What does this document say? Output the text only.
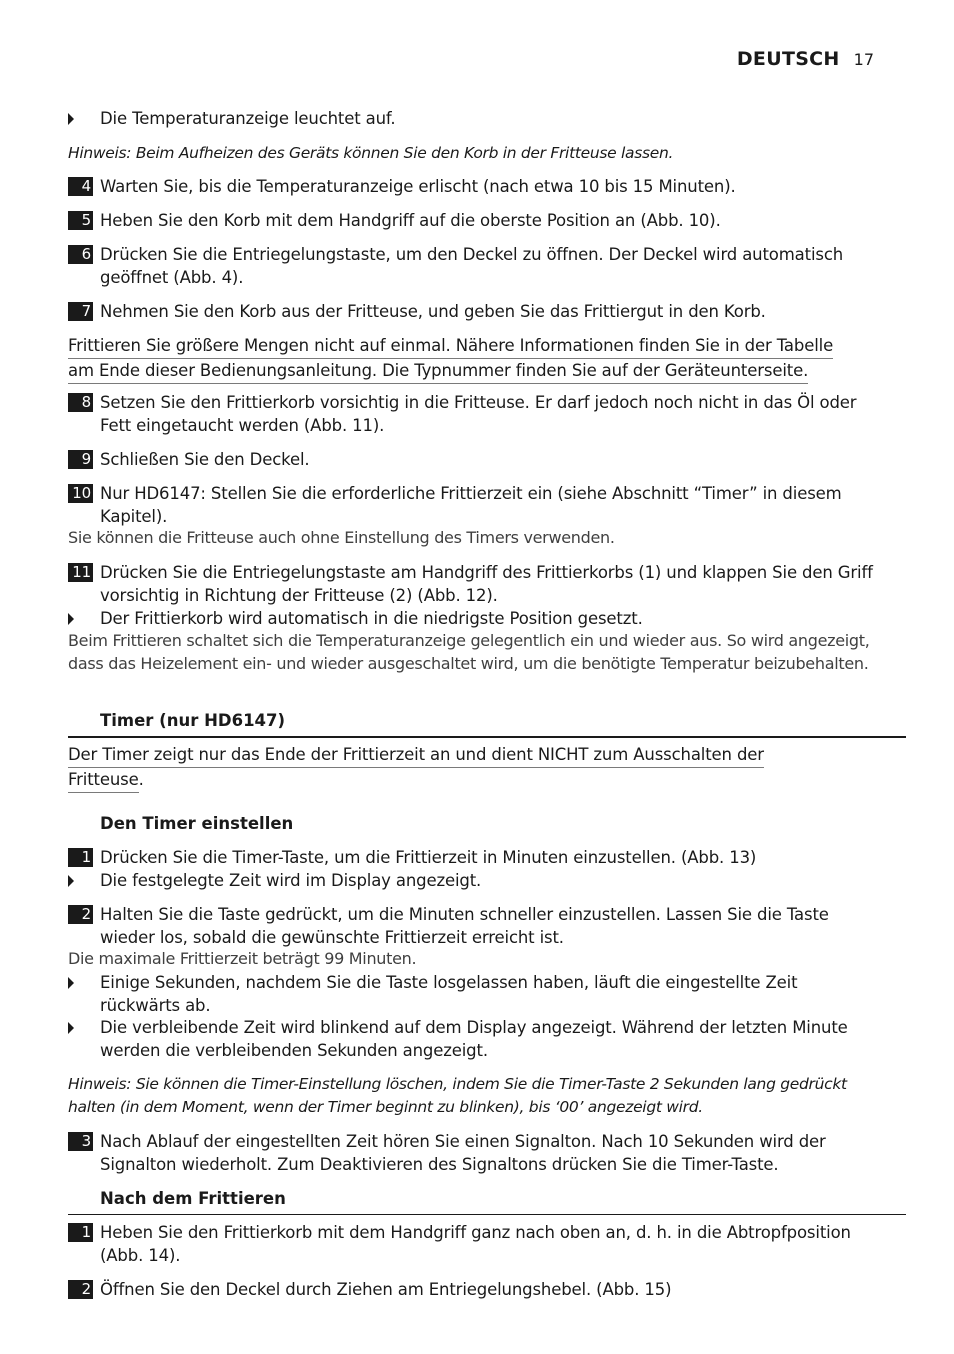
DEUTSCH 17
Die Temperaturanzeige leuchtet auf.
Hinweis: Beim Aufheizen des Geräts können Sie den Korb in der Fritteuse lassen.
4 Warten Sie, bis die Temperaturanzeige erlischt (nach etwa 10 bis 15 Minuten).
5 Heben Sie den Korb mit dem Handgriff auf die oberste Position an (Abb. 10).
6 Drücken Sie die Entriegelungstaste, um den Deckel zu öffnen. Der Deckel wird automatisch geöffnet (Abb. 4).
7 Nehmen Sie den Korb aus der Fritteuse, und geben Sie das Frittiergut in den Korb.
Frittieren Sie größere Mengen nicht auf einmal. Nähere Informationen finden Sie in der Tabelle
am Ende dieser Bedienungsanleitung. Die Typnummer finden Sie auf der Geräteunterseite.
8 Setzen Sie den Frittierkorb vorsichtig in die Fritteuse. Er darf jedoch noch nicht in das Öl oder Fett eingetaucht werden (Abb. 11).
9 Schließen Sie den Deckel.
10 Nur HD6147: Stellen Sie die erforderliche Frittierzeit ein (siehe Abschnitt “Timer” in diesem Kapitel).
Sie können die Fritteuse auch ohne Einstellung des Timers verwenden.
11 Drücken Sie die Entriegelungstaste am Handgriff des Frittierkorbs (1) und klappen Sie den Griff vorsichtig in Richtung der Fritteuse (2) (Abb. 12).
Der Frittierkorb wird automatisch in die niedrigste Position gesetzt.
Beim Frittieren schaltet sich die Temperaturanzeige gelegentlich ein und wieder aus. So wird angezeigt, dass das Heizelement ein- und wieder ausgeschaltet wird, um die benötigte Temperatur beizubehalten.
Timer (nur HD6147)
Der Timer zeigt nur das Ende der Frittierzeit an und dient NICHT zum Ausschalten der
Fritteuse.
Den Timer einstellen
1 Drücken Sie die Timer-Taste, um die Frittierzeit in Minuten einzustellen. (Abb. 13)
Die festgelegte Zeit wird im Display angezeigt.
2 Halten Sie die Taste gedrückt, um die Minuten schneller einzustellen. Lassen Sie die Taste wieder los, sobald die gewünschte Frittierzeit erreicht ist.
Die maximale Frittierzeit beträgt 99 Minuten.
Einige Sekunden, nachdem Sie die Taste losgelassen haben, läuft die eingestellte Zeit rückwärts ab.
Die verbleibende Zeit wird blinkend auf dem Display angezeigt. Während der letzten Minute werden die verbleibenden Sekunden angezeigt.
Hinweis: Sie können die Timer-Einstellung löschen, indem Sie die Timer-Taste 2 Sekunden lang gedrückt halten (in dem Moment, wenn der Timer beginnt zu blinken), bis ‘00’ angezeigt wird.
3 Nach Ablauf der eingestellten Zeit hören Sie einen Signalton. Nach 10 Sekunden wird der Signalton wiederholt. Zum Deaktivieren des Signaltons drücken Sie die Timer-Taste.
Nach dem Frittieren
1 Heben Sie den Frittierkorb mit dem Handgriff ganz nach oben an, d. h. in die Abtropfposition (Abb. 14).
2 Öffnen Sie den Deckel durch Ziehen am Entriegelungshebel. (Abb. 15)
